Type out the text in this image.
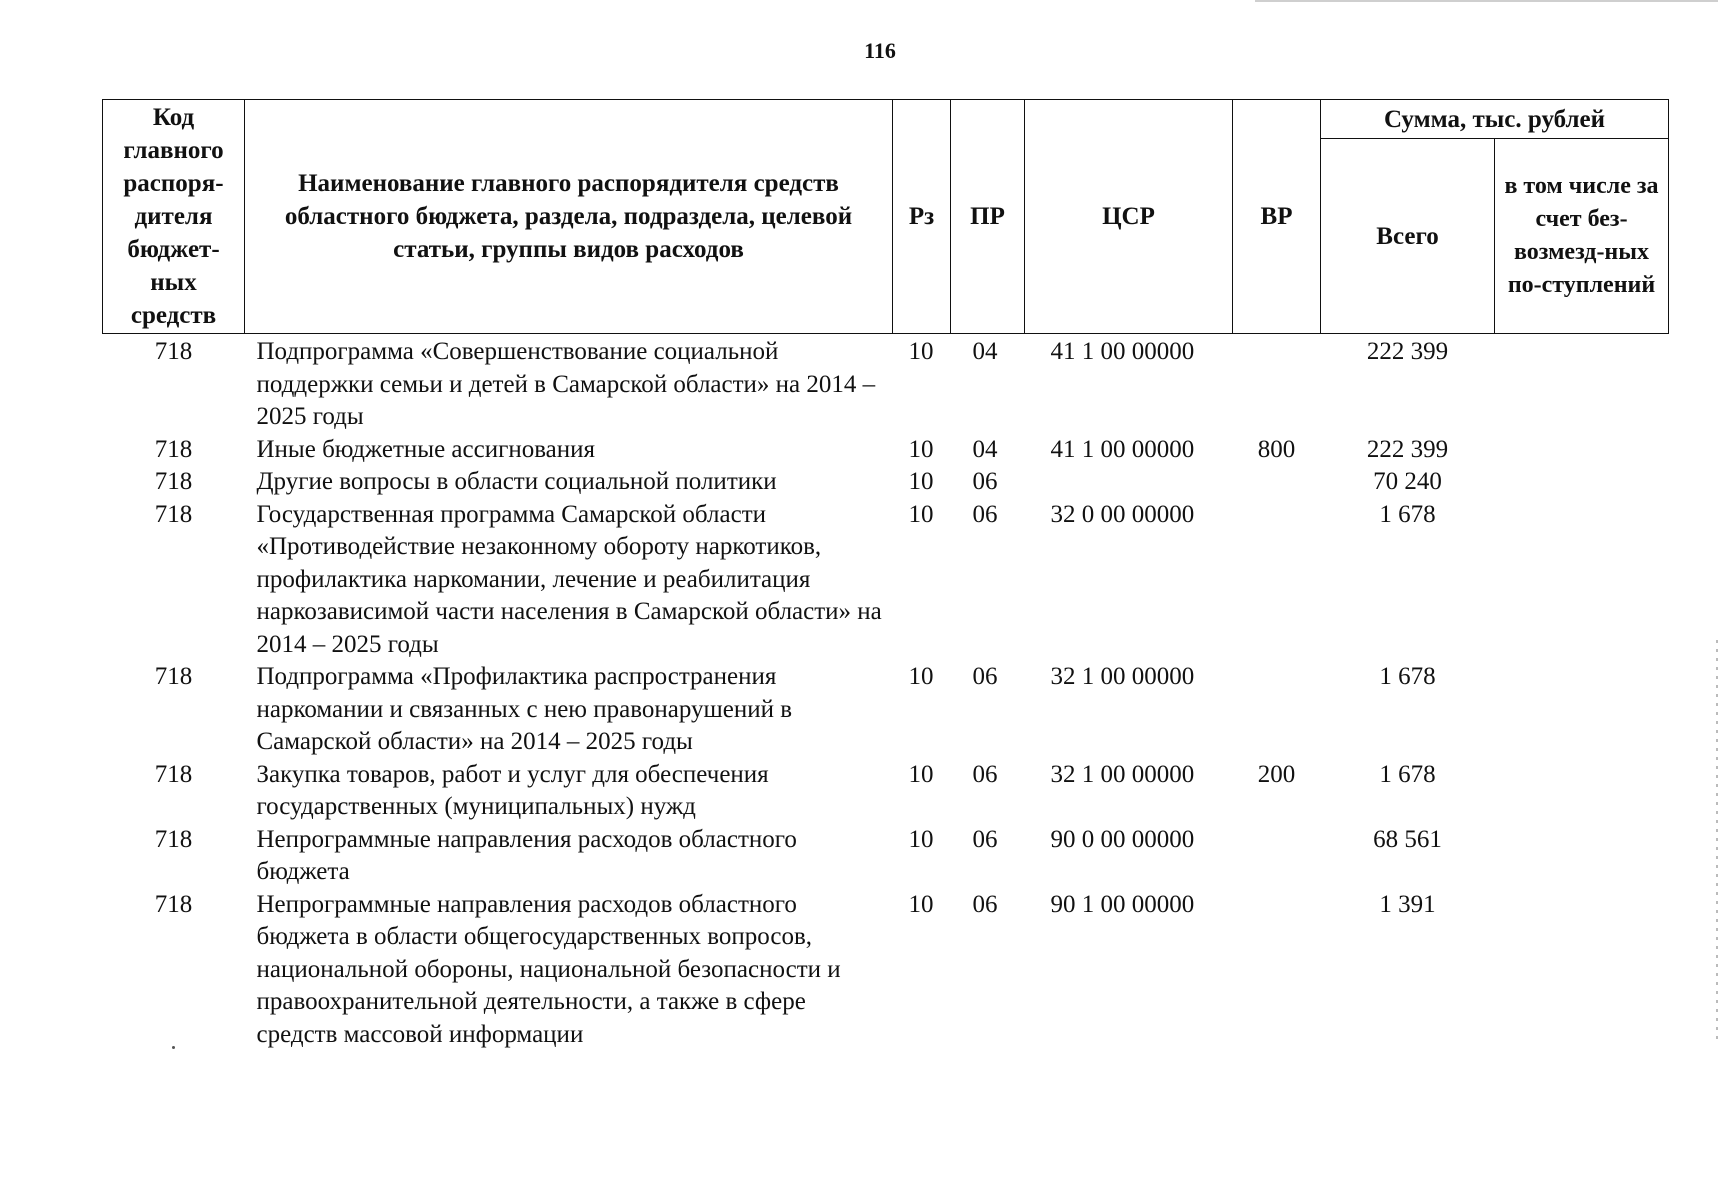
116
Код главного распоря-дителя бюджет-ных средств	Наименование главного распорядителя средств областного бюджета, раздела, подраздела, целевой статьи, группы видов расходов	Рз	ПР	ЦСР	ВР	Сумма, тыс. рублей	
						Всего	в том числе за счет без-возмезд-ных по-ступлений

718	Подпрограмма «Совершенствование социальной поддержки семьи и детей в Самарской области» на 2014 – 2025 годы	10	04	41 1 00 00000		222 399	
718	Иные бюджетные ассигнования	10	04	41 1 00 00000	800	222 399	
718	Другие вопросы в области социальной политики	10	06			70 240	
718	Государственная программа Самарской области «Противодействие незаконному обороту наркотиков, профилактика наркомании, лечение и реабилитация наркозависимой части населения в Самарской области» на 2014 – 2025 годы	10	06	32 0 00 00000		1 678	
718	Подпрограмма «Профилактика распространения наркомании и связанных с нею правонарушений в Самарской области» на 2014 – 2025 годы	10	06	32 1 00 00000		1 678	
718	Закупка товаров, работ и услуг для обеспечения государственных (муниципальных) нужд	10	06	32 1 00 00000	200	1 678	
718	Непрограммные направления расходов областного бюджета	10	06	90 0 00 00000		68 561	
718	Непрограммные направления расходов областного бюджета в области общегосударственных вопросов, национальной обороны, национальной безопасности и правоохранительной деятельности, а также в сфере средств массовой информации	10	06	90 1 00 00000		1 391	
